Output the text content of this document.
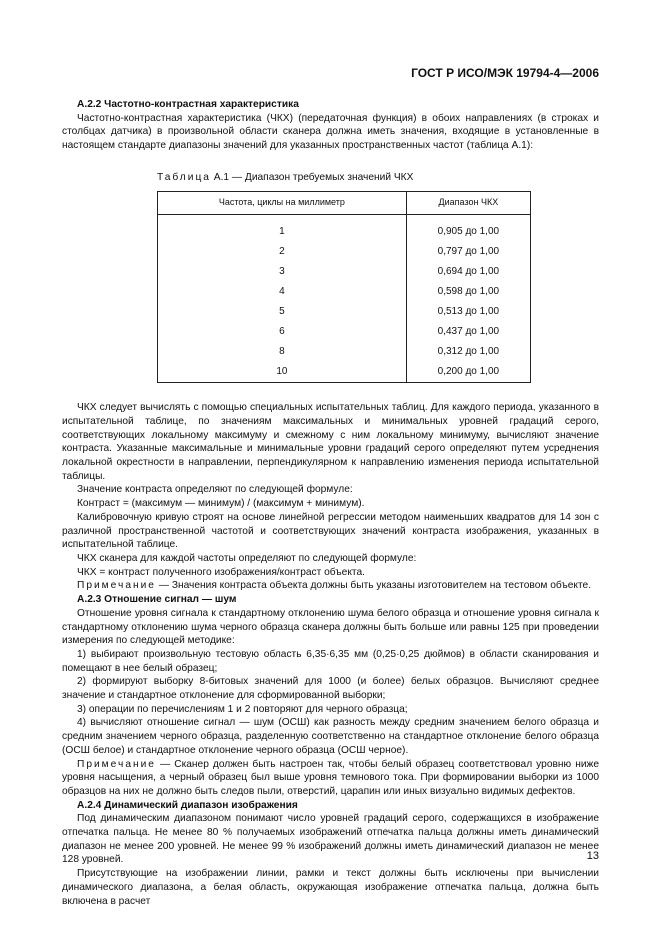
ГОСТ Р ИСО/МЭК 19794-4—2006

А.2.2 Частотно-контрастная характеристика

Частотно-контрастная характеристика (ЧКХ) (передаточная функция) в обоих направлениях (в строках и столбцах датчика) в произвольной области сканера должна иметь значения, входящие в установленные в настоящем стандарте диапазоны значений для указанных пространственных частот (таблица А.1):

Таблица А.1 — Диапазон требуемых значений ЧКХ
Частота, циклы на миллиметр	Диапазон ЧКХ
1	0,905 до 1,00
2	0,797 до 1,00
3	0,694 до 1,00
4	0,598 до 1,00
5	0,513 до 1,00
6	0,437 до 1,00
8	0,312 до 1,00
10	0,200 до 1,00

ЧКХ следует вычислять с помощью специальных испытательных таблиц. Для каждого периода, указанного в испытательной таблице, по значениям максимальных и минимальных уровней градаций серого, соответствующих локальному максимуму и смежному с ним локальному минимуму, вычисляют значение контраста. Указанные максимальные и минимальные уровни градаций серого определяют путем усреднения локальной окрестности в направлении, перпендикулярном к направлению изменения периода испытательной таблицы.

Значение контраста определяют по следующей формуле:

Контраст = (максимум — минимум) / (максимум + минимум).

Калибровочную кривую строят на основе линейной регрессии методом наименьших квадратов для 14 зон с различной пространственной частотой и соответствующих значений контраста изображения, указанных в испытательной таблице.

ЧКХ сканера для каждой частоты определяют по следующей формуле:

ЧКХ = контраст полученного изображения/контраст объекта.

Примечание — Значения контраста объекта должны быть указаны изготовителем на тестовом объекте.

А.2.3 Отношение сигнал — шум

Отношение уровня сигнала к стандартному отклонению шума белого образца и отношение уровня сигнала к стандартному отклонению шума черного образца сканера должны быть больше или равны 125 при проведении измерения по следующей методике:

1) выбирают произвольную тестовую область 6,35·6,35 мм (0,25·0,25 дюймов) в области сканирования и помещают в нее белый образец;

2) формируют выборку 8-битовых значений для 1000 (и более) белых образцов. Вычисляют среднее значение и стандартное отклонение для сформированной выборки;

3) операции по перечислениям 1 и 2 повторяют для черного образца;

4) вычисляют отношение сигнал — шум (ОСШ) как разность между средним значением белого образца и средним значением черного образца, разделенную соответственно на стандартное отклонение белого образца (ОСШ белое) и стандартное отклонение черного образца (ОСШ черное).

Примечание — Сканер должен быть настроен так, чтобы белый образец соответствовал уровню ниже уровня насыщения, а черный образец был выше уровня темнового тока. При формировании выборки из 1000 образцов на них не должно быть следов пыли, отверстий, царапин или иных визуально видимых дефектов.

А.2.4 Динамический диапазон изображения

Под динамическим диапазоном понимают число уровней градаций серого, содержащихся в изображение отпечатка пальца. Не менее 80 % получаемых изображений отпечатка пальца должны иметь динамический диапазон не менее 200 уровней. Не менее 99 % изображений должны иметь динамический диапазон не менее 128 уровней.

Присутствующие на изображении линии, рамки и текст должны быть исключены при вычислении динамического диапазона, а белая область, окружающая изображение отпечатка пальца, должна быть включена в расчет

13
